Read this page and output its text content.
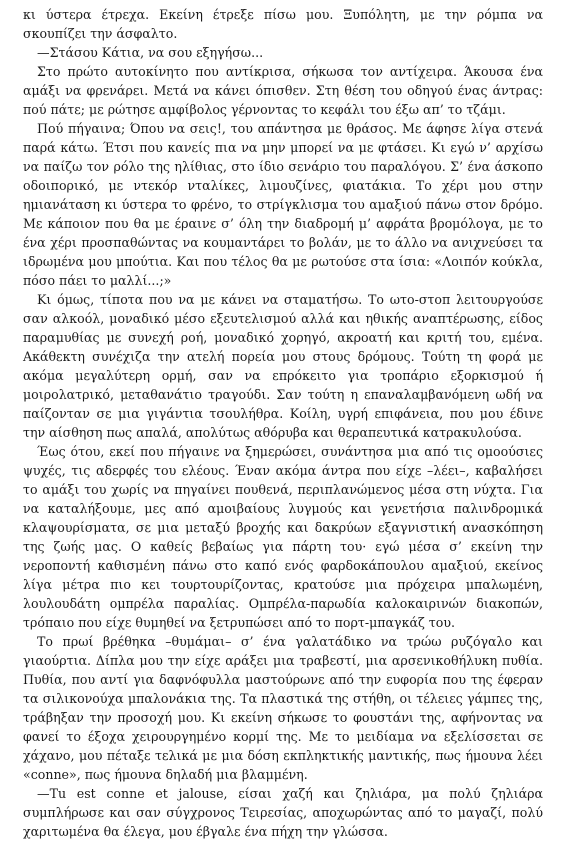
κι ύστερα έτρεχα. Εκείνη έτρεξε πίσω μου. Ξυπόλητη, με την ρόμπα να σκουπίζει την άσφαλτο.

—Στάσου Κάτια, να σου εξηγήσω...

Στο πρώτο αυτοκίνητο που αντίκρισα, σήκωσα τον αντίχειρα. Άκουσα ένα αμάξι να φρενάρει. Μετά να κάνει όπισθεν. Στη θέση του οδηγού ένας άντρας: πού πάτε; με ρώτησε αμφίβολος γέρνοντας το κεφάλι του έξω απ’ το τζάμι.

Πού πήγαινα; Όπου να σεις!, του απάντησα με θράσος. Με άφησε λίγα στενά παρά κάτω. Έτσι που κανείς πια να μην μπορεί να με φτάσει. Κι εγώ ν’ αρχίσω να παίζω τον ρόλο της ηλίθιας, στο ίδιο σενάριο του παραλόγου. Σ’ ένα άσκοπο οδοιπορικό, με ντεκόρ νταλίκες, λιμουζίνες, φιατάκια. Το χέρι μου στην ημιανάταση κι ύστερα το φρένο, το στρίγκλισμα του αμαξιού πάνω στον δρόμο. Με κάποιον που θα με έραινε σ’ όλη την διαδρομή μ’ αφράτα βρομόλογα, με το ένα χέρι προσπαθώντας να κουμαντάρει το βολάν, με το άλλο να ανιχνεύσει τα ιδρωμένα μου μπούτια. Και που τέλος θα με ρωτούσε στα ίσια: «Λοιπόν κούκλα, πόσο πάει το μαλλί...;»

Κι όμως, τίποτα που να με κάνει να σταματήσω. Το ωτο-στοπ λειτουργούσε σαν αλκοόλ, μοναδικό μέσο εξευτελισμού αλλά και ηθικής αναπτέρωσης, είδος παραμυθίας με συνεχή ροή, μοναδικό χορηγό, ακροατή και κριτή του, εμένα. Ακάθεκτη συνέχιζα την ατελή πορεία μου στους δρόμους. Τούτη τη φορά με ακόμα μεγαλύτερη ορμή, σαν να επρόκειτο για τροπάριο εξορκισμού ή μοιρολατρικό, μεταθανάτιο τραγούδι. Σαν τούτη η επαναλαμβανόμενη ωδή να παίζονταν σε μια γιγάντια τσουλήθρα. Κοίλη, υγρή επιφάνεια, που μου έδινε την αίσθηση πως απαλά, απολύτως αθόρυβα και θεραπευτικά κατρακυλούσα.

Έως ότου, εκεί που πήγαινε να ξημερώσει, συνάντησα μια από τις ομοούσιες ψυχές, τις αδερφές του ελέους. Έναν ακόμα άντρα που είχε –λέει–, καβαλήσει το αμάξι του χωρίς να πηγαίνει πουθενά, περιπλανώμενος μέσα στη νύχτα. Για να καταλήξουμε, μες από αμοιβαίους λυγμούς και γενετήσια παλινδρομικά κλαψουρίσματα, σε μια μεταξύ βροχής και δακρύων εξαγνιστική ανασκόπηση της ζωής μας. Ο καθείς βεβαίως για πάρτη του· εγώ μέσα σ’ εκείνη την νεροποντή καθισμένη πάνω στο καπό ενός φαρδοκάπουλου αμαξιού, εκείνος λίγα μέτρα πιο κει τουρτουρίζοντας, κρατούσε μια πρόχειρα μπαλωμένη, λουλουδάτη ομπρέλα παραλίας. Ομπρέλα-παρωδία καλοκαιρινών διακοπών, τρόπαιο που είχε θυμηθεί να ξετρυπώσει από το πορτ-μπαγκάζ του.

Το πρωί βρέθηκα –θυμάμαι– σ’ ένα γαλατάδικο να τρώω ρυζόγαλο και γιαούρτια. Δίπλα μου την είχε αράξει μια τραβεστί, μια αρσενικοθήλυκη πυθία. Πυθία, που αντί για δαφνόφυλλα μαστούρωνε από την ευφορία που της έφεραν τα σιλικονούχα μπαλονάκια της. Τα πλαστικά της στήθη, οι τέλειες γάμπες της, τράβηξαν την προσοχή μου. Κι εκείνη σήκωσε το φουστάνι της, αφήνοντας να φανεί το έξοχα χειρουργημένο κορμί της. Με το μειδίαμα να εξελίσσεται σε χάχανο, μου πέταξε τελικά με μια δόση εκπληκτικής μαντικής, πως ήμουνα λέει «conne», πως ήμουνα δηλαδή μια βλαμμένη.

—Tu est conne et jalouse, είσαι χαζή και ζηλιάρα, μα πολύ ζηλιάρα συμπλήρωσε και σαν σύγχρονος Τειρεσίας, αποχωρώντας από το μαγαζί, πολύ χαριτωμένα θα έλεγα, μου έβγαλε ένα πήχη την γλώσσα.
